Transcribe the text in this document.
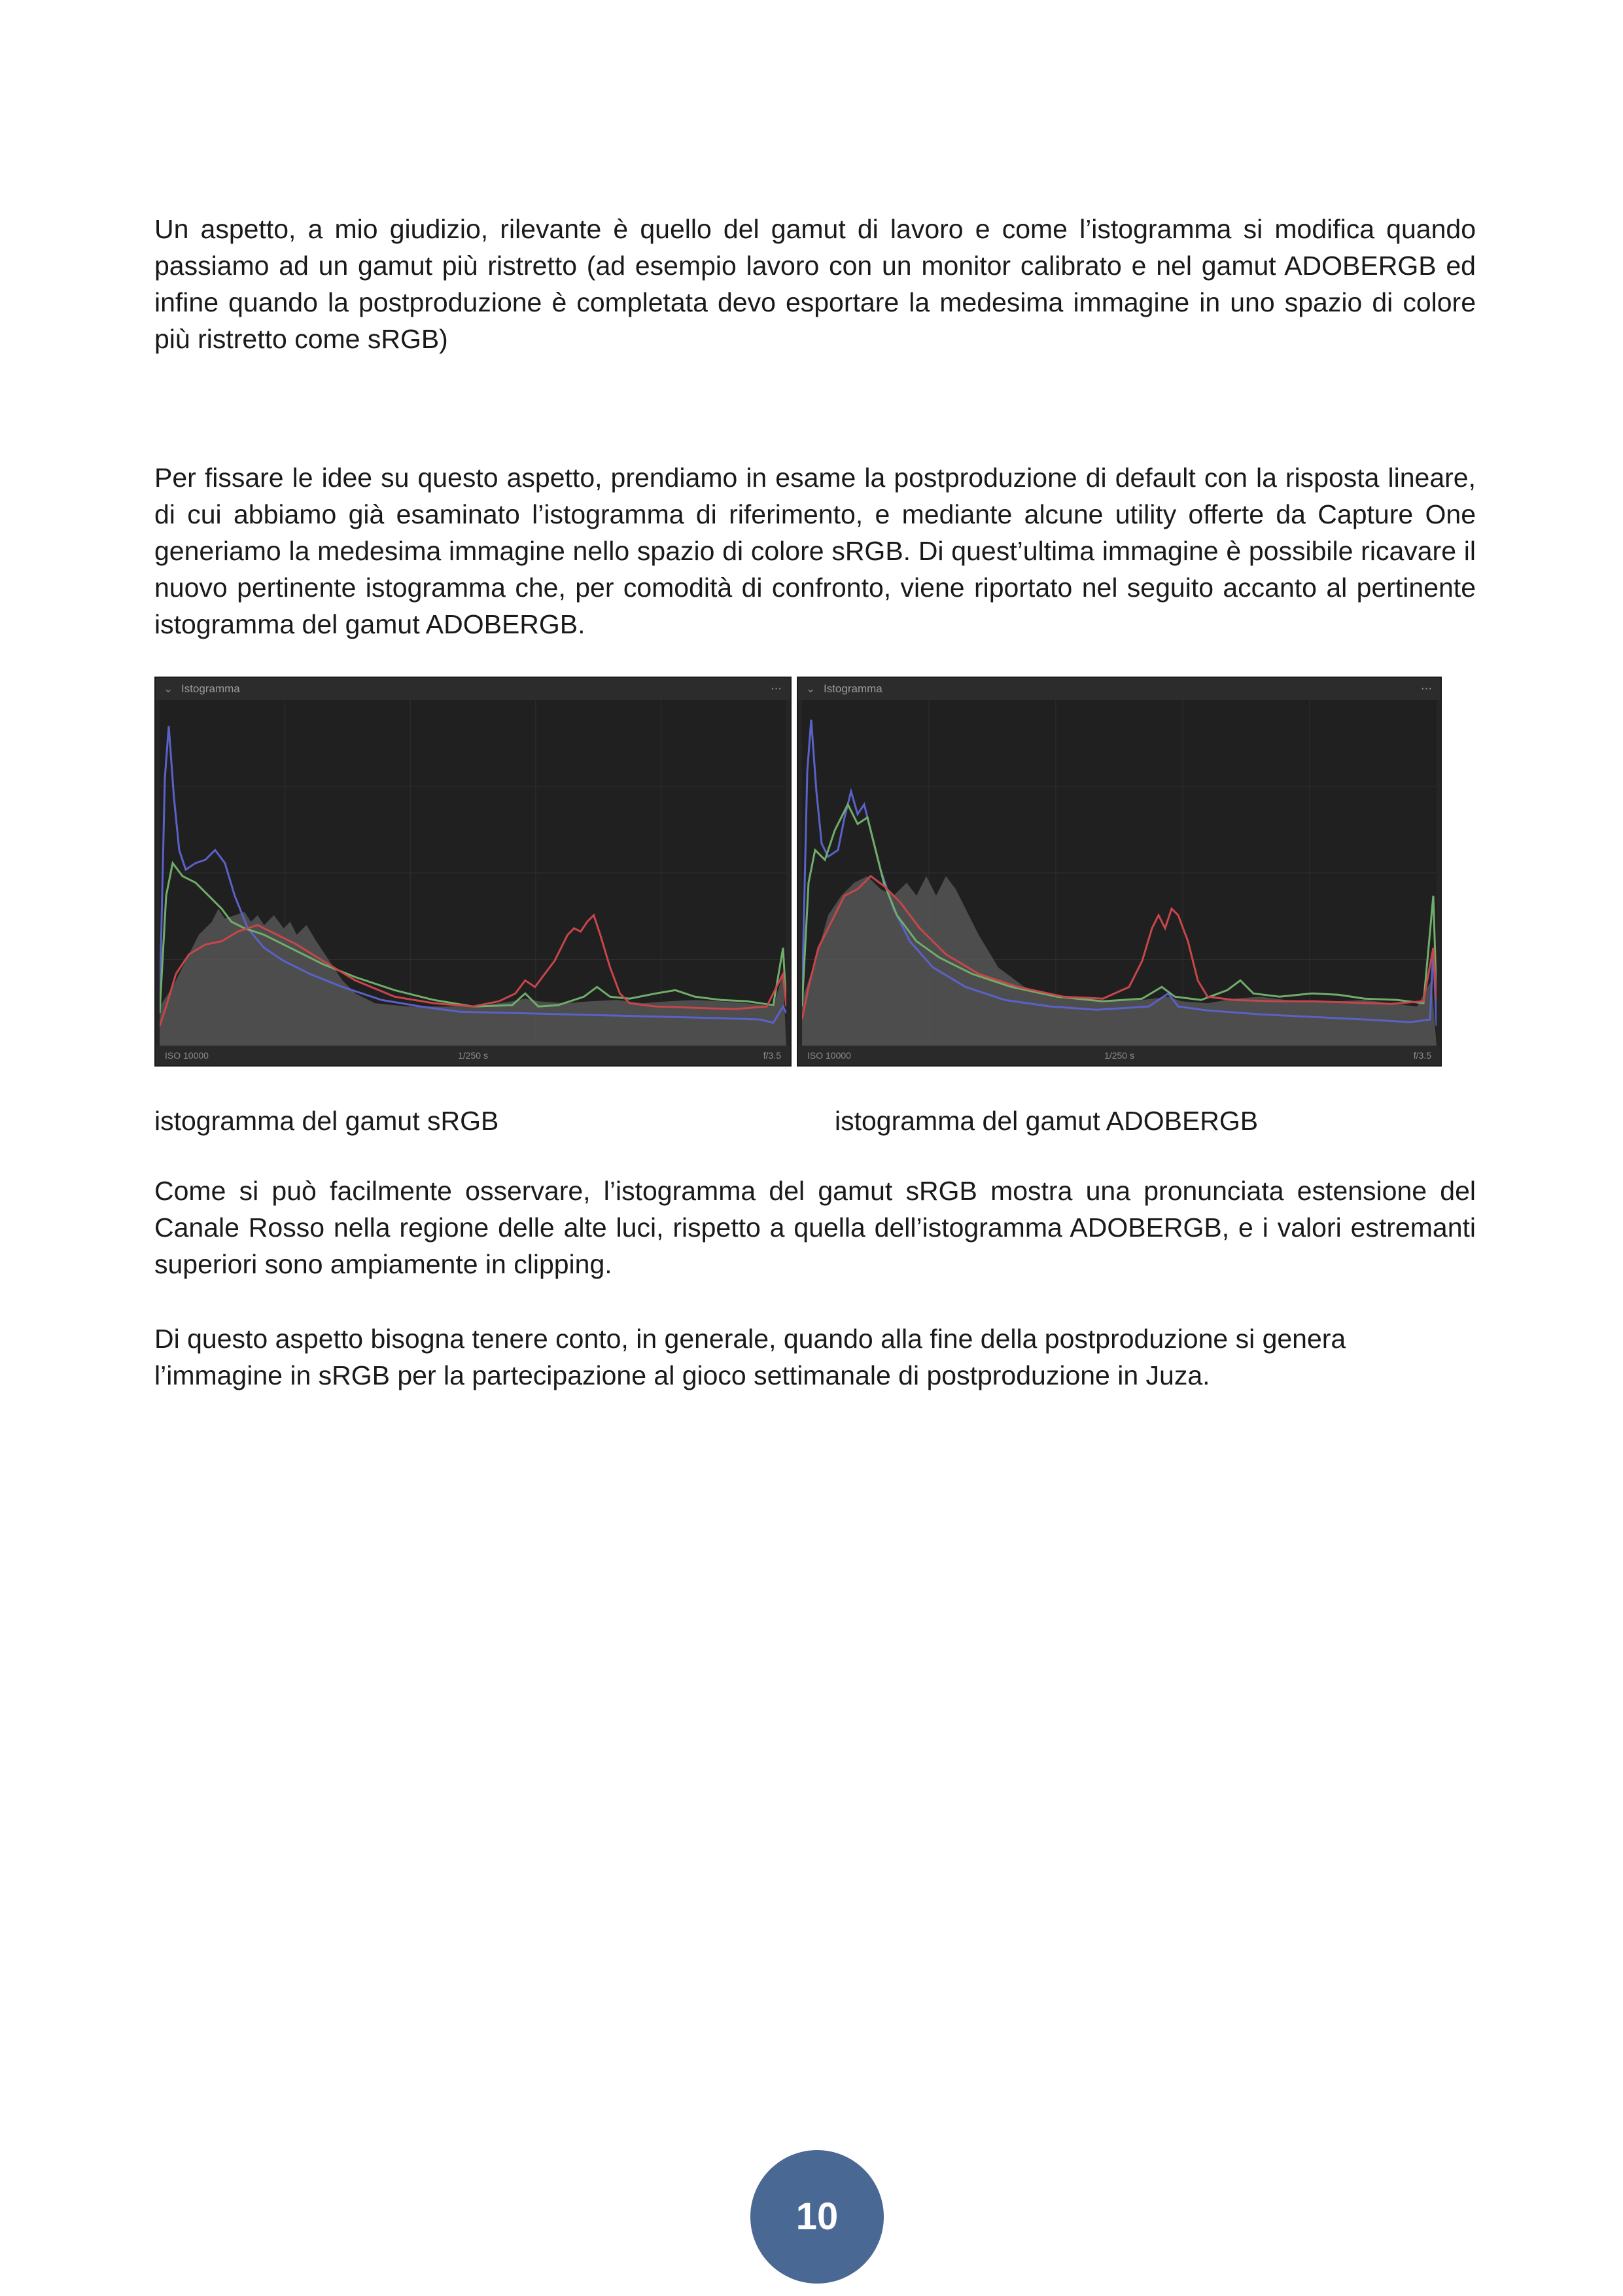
Un aspetto, a mio giudizio, rilevante è quello del gamut di lavoro e come l’istogramma si modifica quando passiamo ad un gamut più ristretto (ad esempio lavoro con un monitor calibrato e nel gamut ADOBERGB ed infine quando la postproduzione è completata devo esportare la medesima immagine in uno spazio di colore più ristretto come sRGB)

Per fissare le idee su questo aspetto, prendiamo in esame la postproduzione di default con la risposta lineare, di cui abbiamo già esaminato l’istogramma di riferimento, e mediante alcune utility offerte da Capture One generiamo la medesima immagine nello spazio di colore sRGB. Di quest’ultima immagine è possibile ricavare il nuovo pertinente istogramma che, per comodità di confronto, viene riportato nel seguito accanto al pertinente istogramma del gamut ADOBERGB.

⌄ Istogramma	⋯
ISO 10000	1/250 s	f/3.5
⌄ Istogramma	⋯
ISO 10000	1/250 s	f/3.5

istogramma del gamut sRGB	istogramma del gamut ADOBERGB

Come si può facilmente osservare, l’istogramma del gamut sRGB mostra una pronunciata estensione del Canale Rosso nella regione delle alte luci, rispetto a quella dell’istogramma ADOBERGB, e i valori estremanti superiori sono ampiamente in clipping.

Di questo aspetto bisogna tenere conto, in generale, quando alla fine della postproduzione si genera l’immagine in sRGB per la partecipazione al gioco settimanale di postproduzione in Juza.

10
